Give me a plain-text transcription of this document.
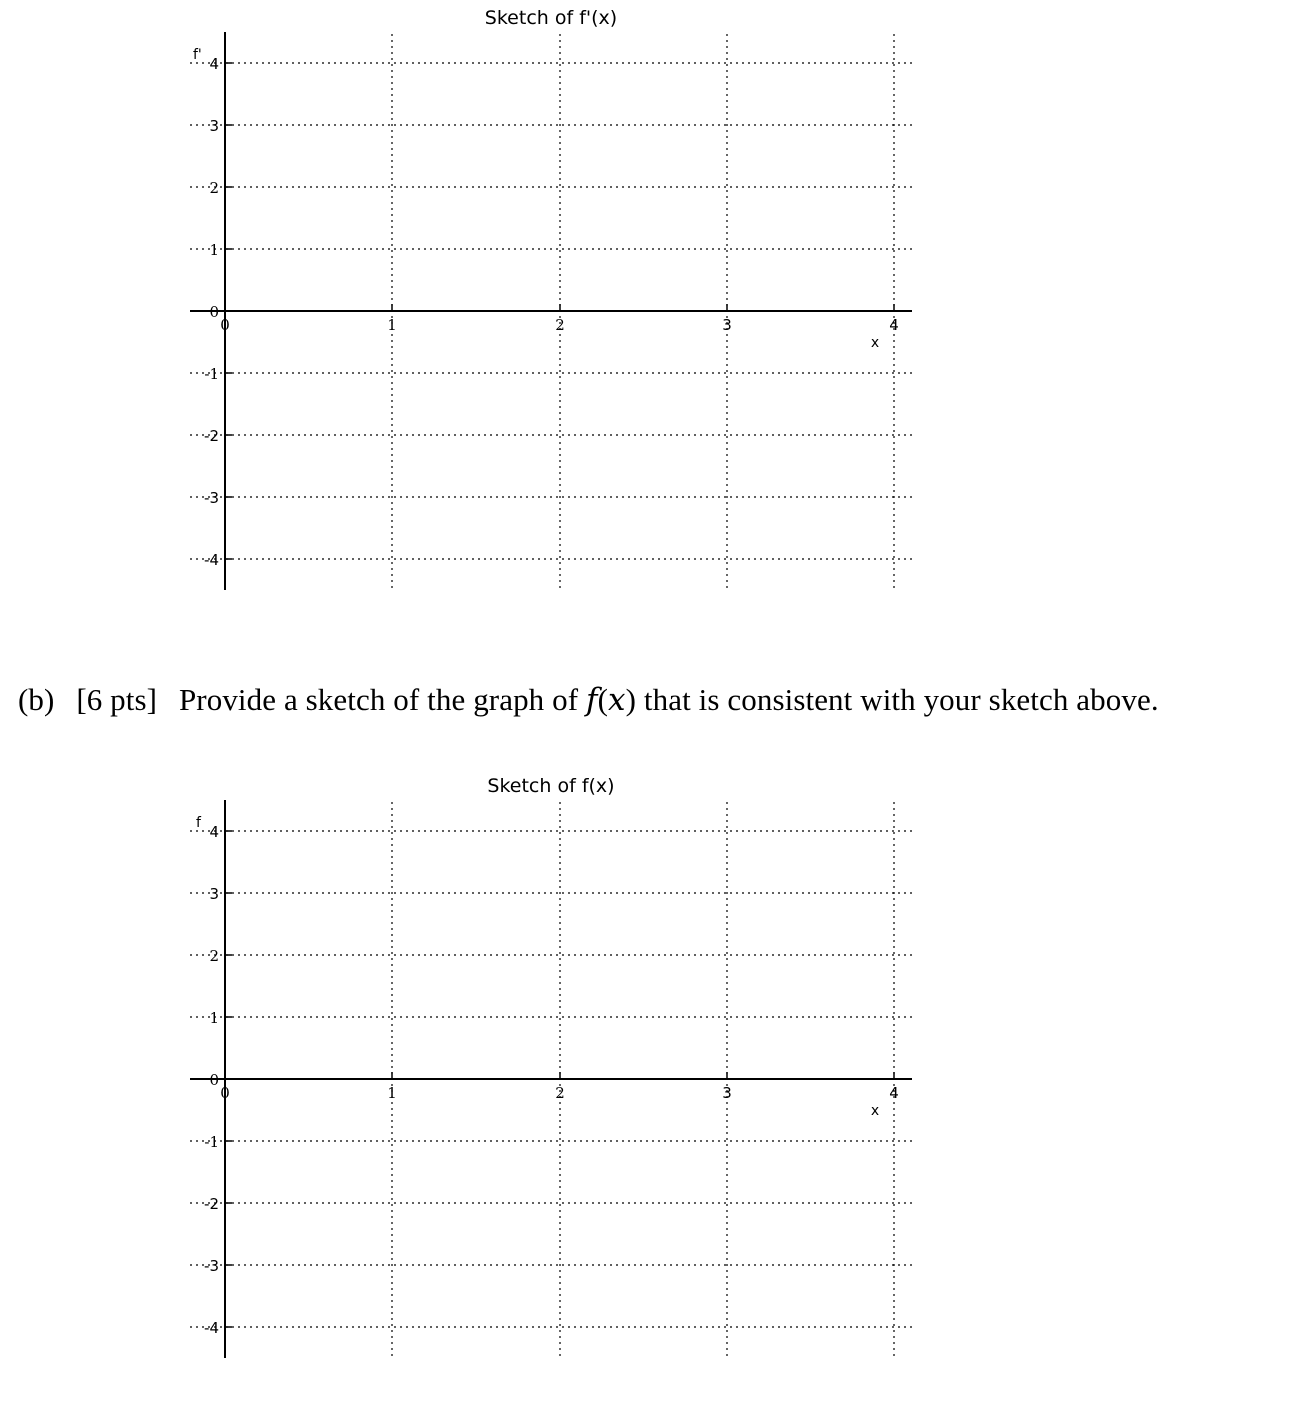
Sketch of f'(x)
4
3
2
1
0
-1
-2
-3
-4
0	1	2	3	4
f'
x
(b) [6 pts] Provide a sketch of the graph of f(x) that is consistent with your sketch above.
Sketch of f(x)
4
3
2
1
0
-1
-2
-3
-4
0	1	2	3	4
f
x
